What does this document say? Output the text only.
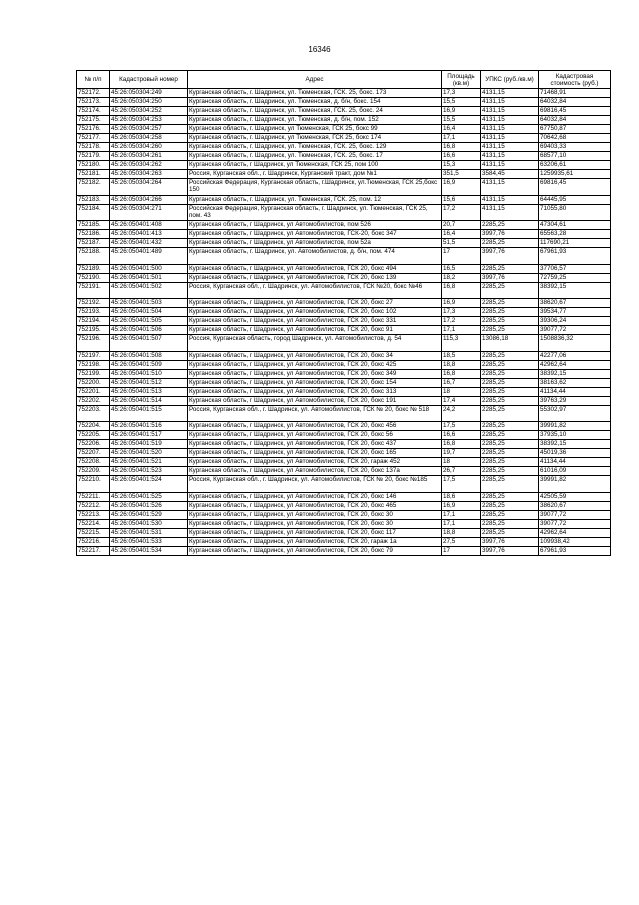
16346
№ п/п	Кадастровый номер	Адрес	Площадь (кв.м)	УПКС (руб./кв.м)	Кадастровая стоимость (руб.)
752172.	45:26:050304:249	Курганская область, г. Шадринск, ул. Тюменская, ГСК. 25, бокс. 173	17,3	4131,15	71468,91
752173.	45:26:050304:250	Курганская область, г. Шадринск, ул. Тюменская, д. б/н, бокс. 154	15,5	4131,15	64032,84
752174.	45:26:050304:252	Курганская область, г. Шадринск, ул. Тюменская, ГСК. 25, бокс. 24	16,9	4131,15	69816,45
752175.	45:26:050304:253	Курганская область, г. Шадринск, ул. Тюменская, д. б/н, пом. 152	15,5	4131,15	64032,84
752176.	45:26:050304:257	Курганская область, г. Шадринск, ул Тюменская, ГСК 25, бокс 99	16,4	4131,15	67750,87
752177.	45:26:050304:258	Курганская область, г. Шадринск, ул Тюменская, ГСК 25, бокс 174	17,1	4131,15	70642,68
752178.	45:26:050304:260	Курганская область, г. Шадринск, ул. Тюменская, ГСК. 25, бокс. 129	16,8	4131,15	69403,33
752179.	45:26:050304:261	Курганская область, г. Шадринск, ул. Тюменская, ГСК. 25, бокс. 17	16,6	4131,15	68577,10
752180.	45:26:050304:262	Курганская область, г Шадринск, ул Тюменская, ГСК 25, пом 100	15,3	4131,15	63206,61
752181.	45:26:050304:263	Россия, Курганская обл., г. Шадринск, Курганский тракт, дом №1	351,5	3584,45	1259935,61
752182.	45:26:050304:264	Российская Федерация, Курганская область, г.Шадринск, ул.Тюменская, ГСК 25,бокс 150	16,9	4131,15	69816,45
752183.	45:26:050304:266	Курганская область, г. Шадринск, ул. Тюменская, ГСК. 25, пом. 12	15,6	4131,15	64445,95
752184.	45:26:050304:271	Российская Федерация, Курганская область, г. Шадринск, ул. Тюменская, ГСК 25, пом. 43	17,2	4131,15	71055,80
752185.	45:26:050401:408	Курганская область, г Шадринск, ул Автомобилистов, пом 526	20,7	2285,25	47304,61
752186.	45:26:050401:413	Курганская область, г Шадринск, ул Автомобилистов, ГСК-20, бокс 347	16,4	3997,76	65563,28
752187.	45:26:050401:432	Курганская область, г Шадринск, ул Автомобилистов, пом 52а	51,5	2285,25	117690,21
752188.	45:26:050401:489	Курганская область, г. Шадринск, ул. Автомобилистов, д. б/н, пом. 474	17	3997,76	67961,93
752189.	45:26:050401:500	Курганская область, г Шадринск, ул Автомобилистов, ГСК 20, бокс 494	16,5	2285,25	37706,57
752190.	45:26:050401:501	Курганская область, г Шадринск, ул Автомобилистов, ГСК 20, бокс 139	18,2	3997,76	72759,25
752191.	45:26:050401:502	Россия, Курганская обл., г. Шадринск, ул. Автомобилистов, ГСК №20, бокс №46	16,8	2285,25	38392,15
752192.	45:26:050401:503	Курганская область, г Шадринск, ул Автомобилистов, ГСК 20, бокс 27	16,9	2285,25	38620,67
752193.	45:26:050401:504	Курганская область, г Шадринск, ул Автомобилистов, ГСК 20, бокс 102	17,3	2285,25	39534,77
752194.	45:26:050401:505	Курганская область, г Шадринск, ул Автомобилистов, ГСК 20, бокс 331	17,2	2285,25	39306,24
752195.	45:26:050401:506	Курганская область, г Шадринск, ул Автомобилистов, ГСК 20, бокс 91	17,1	2285,25	39077,72
752196.	45:26:050401:507	Россия, Курганская область, город Шадринск, ул. Автомобилистов, д. 54	115,3	13086,18	1508836,32
752197.	45:26:050401:508	Курганская область, г Шадринск, ул Автомобилистов, ГСК 20, бокс 34	18,5	2285,25	42277,06
752198.	45:26:050401:509	Курганская область, г Шадринск, ул Автомобилистов, ГСК 20, бокс 425	18,8	2285,25	42962,64
752199.	45:26:050401:510	Курганская область, г Шадринск, ул Автомобилистов, ГСК 20, бокс 349	16,8	2285,25	38392,15
752200.	45:26:050401:512	Курганская область, г Шадринск, ул Автомобилистов, ГСК 20, бокс 154	16,7	2285,25	38163,62
752201.	45:26:050401:513	Курганская область, г Шадринск, ул Автомобилистов, ГСК 20, бокс 313	18	2285,25	41134,44
752202.	45:26:050401:514	Курганская область, г Шадринск, ул Автомобилистов, ГСК 20, бокс 191	17,4	2285,25	39763,29
752203.	45:26:050401:515	Россия, Курганская обл., г. Шадринск, ул. Автомобилистов, ГСК № 20, бокс № 518	24,2	2285,25	55302,97
752204.	45:26:050401:516	Курганская область, г Шадринск, ул Автомобилистов, ГСК 20, бокс 456	17,5	2285,25	39991,82
752205.	45:26:050401:517	Курганская область, г Шадринск, ул Автомобилистов, ГСК 20, бокс 56	16,6	2285,25	37935,10
752206.	45:26:050401:519	Курганская область, г Шадринск, ул Автомобилистов, ГСК 20, бокс 437	16,8	2285,25	38392,15
752207.	45:26:050401:520	Курганская область, г Шадринск, ул Автомобилистов, ГСК 20, бокс 165	19,7	2285,25	45019,36
752208.	45:26:050401:521	Курганская область, г Шадринск, ул Автомобилистов, ГСК 20, гараж 452	18	2285,25	41134,44
752209.	45:26:050401:523	Курганская область, г Шадринск, ул Автомобилистов, ГСК 20, бокс 137а	26,7	2285,25	61016,09
752210.	45:26:050401:524	Россия, Курганская обл., г. Шадринск, ул. Автомобилистов, ГСК № 20, бокс №185	17,5	2285,25	39991,82
752211.	45:26:050401:525	Курганская область, г Шадринск, ул Автомобилистов, ГСК 20, бокс 146	18,6	2285,25	42505,59
752212.	45:26:050401:526	Курганская область, г Шадринск, ул Автомобилистов, ГСК 20, бокс 465	16,9	2285,25	38620,67
752213.	45:26:050401:529	Курганская область, г Шадринск, ул Автомобилистов, ГСК 20, бокс 30	17,1	2285,25	39077,72
752214.	45:26:050401:530	Курганская область, г Шадринск, ул Автомобилистов, ГСК 20, бокс 30	17,1	2285,25	39077,72
752215.	45:26:050401:531	Курганская область, г Шадринск, ул Автомобилистов, ГСК 20, бокс 117	18,8	2285,25	42962,64
752216.	45:26:050401:533	Курганская область, г Шадринск, ул Автомобилистов, ГСК 20, гараж 1а	27,5	3997,76	109938,42
752217.	45:26:050401:534	Курганская область, г Шадринск, ул Автомобилистов, ГСК 20, бокс 79	17	3997,76	67961,93
